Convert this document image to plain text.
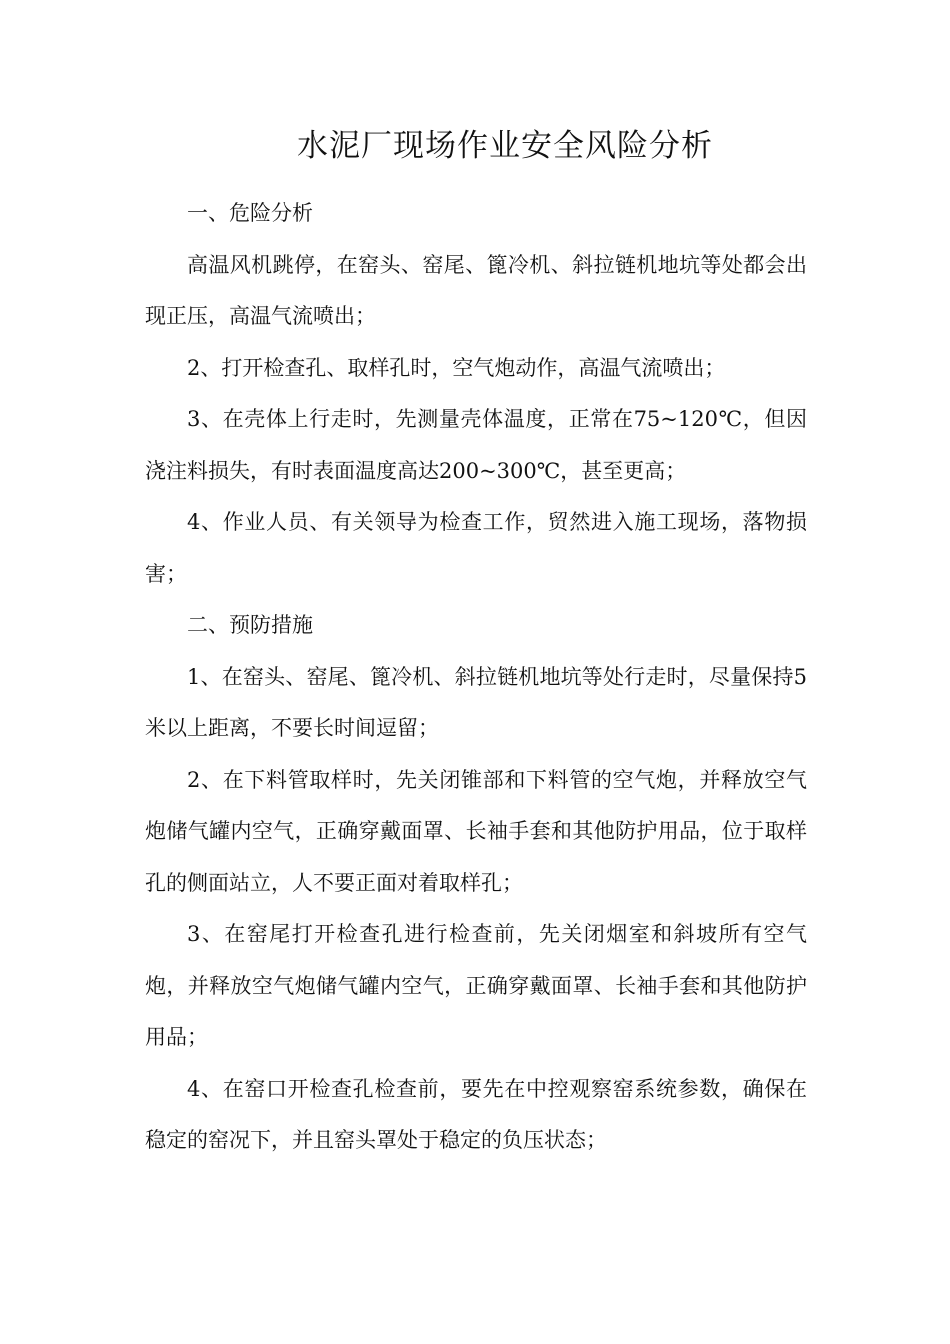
水泥厂现场作业安全风险分析

一、危险分析

高温风机跳停，在窑头、窑尾、篦冷机、斜拉链机地坑等处都会出现正压，高温气流喷出；

2、打开检查孔、取样孔时，空气炮动作，高温气流喷出；

3、在壳体上行走时，先测量壳体温度，正常在75~120℃，但因浇注料损失，有时表面温度高达200~300℃，甚至更高；

4、作业人员、有关领导为检查工作，贸然进入施工现场，落物损害；

二、预防措施

1、在窑头、窑尾、篦冷机、斜拉链机地坑等处行走时，尽量保持5米以上距离，不要长时间逗留；

2、在下料管取样时，先关闭锥部和下料管的空气炮，并释放空气炮储气罐内空气，正确穿戴面罩、长袖手套和其他防护用品，位于取样孔的侧面站立，人不要正面对着取样孔；

3、在窑尾打开检查孔进行检查前，先关闭烟室和斜坡所有空气炮，并释放空气炮储气罐内空气，正确穿戴面罩、长袖手套和其他防护用品；

4、在窑口开检查孔检查前，要先在中控观察窑系统参数，确保在稳定的窑况下，并且窑头罩处于稳定的负压状态；
